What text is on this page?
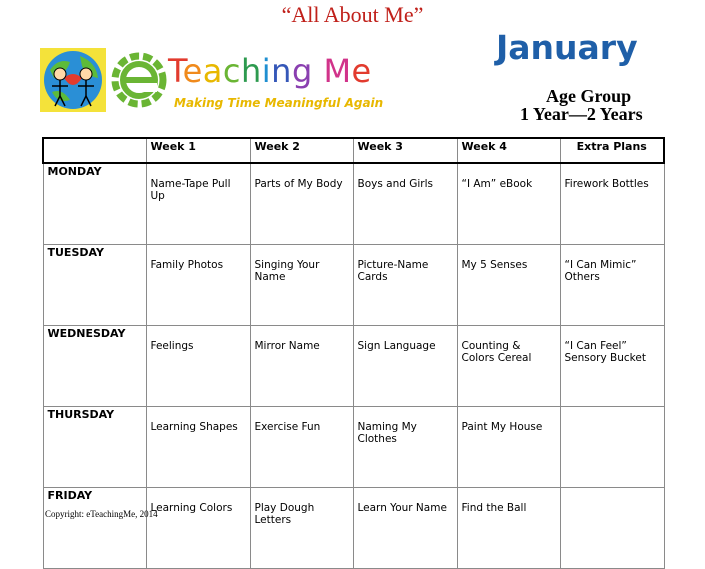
“All About Me”
Teaching Me
Making Time Meaningful Again
January
Age Group
1 Year—2 Years
	Week 1	Week 2	Week 3	Week 4	Extra Plans
MONDAY	Name-Tape Pull Up	Parts of My Body	Boys and Girls	“I Am” eBook	Firework Bottles
TUESDAY	Family Photos	Singing Your Name	Picture-Name Cards	My 5 Senses	“I Can Mimic” Others
WEDNESDAY	Feelings	Mirror Name	Sign Language	Counting & Colors Cereal	“I Can Feel” Sensory Bucket
THURSDAY	Learning Shapes	Exercise Fun	Naming My Clothes	Paint My House	
FRIDAY	Learning Colors	Play Dough Letters	Learn Your Name	Find the Ball	
Copyright: eTeachingMe, 2014
